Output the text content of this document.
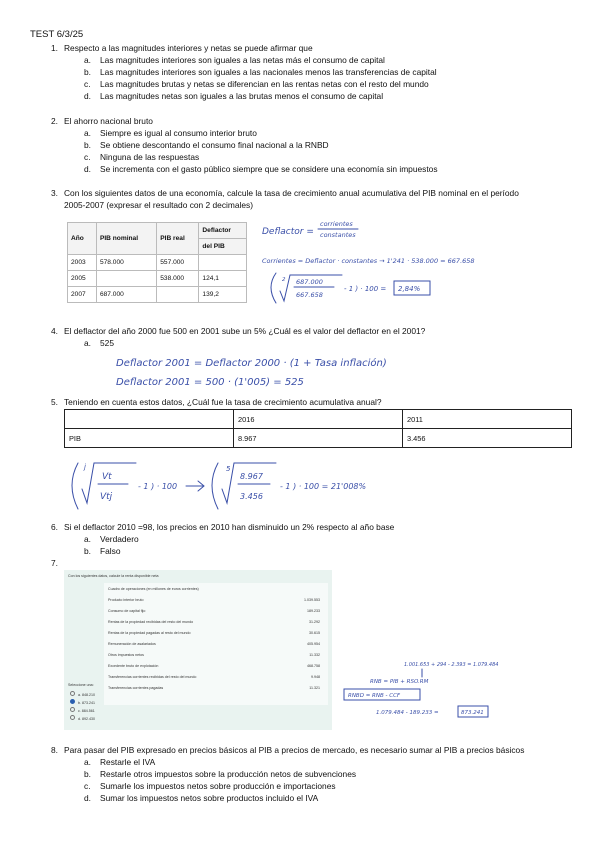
TEST 6/3/25
1. Respecto a las magnitudes interiores y netas se puede afirmar que
a. Las magnitudes interiores son iguales a las netas más el consumo de capital
b. Las magnitudes interiores son iguales a las nacionales menos las transferencias de capital
c. Las magnitudes brutas y netas se diferencian en las rentas netas con el resto del mundo
d. Las magnitudes netas son iguales a las brutas menos el consumo de capital
2. El ahorro nacional bruto
a. Siempre es igual al consumo interior bruto
b. Se obtiene descontando el consumo final nacional a la RNBD
c. Ninguna de las respuestas
d. Se incrementa con el gasto público siempre que se considere una economía sin impuestos
3. Con los siguientes datos de una economía, calcule la tasa de crecimiento anual acumulativa del PIB nominal en el período
2005-2007 (expresar el resultado con 2 decimales)
Año	PIB nominal	PIB real	Deflactor
			del PIB
2003	578.000	557.000	
2005		538.000	124,1
2007	687.000		139,2
Deflactor =
corrientes
constantes
Corrientes = Deflactor · constantes → 1'241 · 538.000 = 667.658
2 687.000
667.658
- 1 ) · 100 = 2,84%
4. El deflactor del año 2000 fue 500 en 2001 sube un 5% ¿Cuál es el valor del deflactor en el 2001?
a. 525
Deflactor 2001 = Deflactor 2000 · (1 + Tasa inflación)
Deflactor 2001 = 500 · (1'005) = 525
5. Teniendo en cuenta estos datos, ¿Cuál fue la tasa de crecimiento acumulativa anual?
	2016	2011
PIB	8.967	3.456
j
Vt
Vtj
- 1 ) · 100
5
8.967
3.456
- 1 ) · 100 = 21'008%
6. Si el deflactor 2010 =98, los precios en 2010 han disminuido un 2% respecto al año base
a. Verdadero
b. Falso
7.
Con los siguientes datos, calcule la renta disponible neta
Cuadro de operaciones (en millones de euros corrientes)
Producto interior bruto	1.039.553
Consumo de capital fijo	189.233
Rentas de la propiedad recibidas del resto del mundo	31.292
Rentas de la propiedad pagadas al resto del mundo	30.615
Remuneración de asalariados	405.954
Otros impuestos netos	11.332
Excedente bruto de explotación	468.758
Transferencias corrientes recibidas del resto del mundo	9.948
Transferencias corrientes pagadas	11.321
Seleccione una:
a. 848.210
b. 873.241
c. 884.561
d. 892.430
1.001.653 + 294 - 2.393 = 1.079.484
RNB = PIB + RSO.RM
RNBD = RNB - CCF
1.079.484 - 189.233 =	873.241
8. Para pasar del PIB expresado en precios básicos al PIB a precios de mercado, es necesario sumar al PIB a precios básicos
a. Restarle el IVA
b. Restarle otros impuestos sobre la producción netos de subvenciones
c. Sumarle los impuestos netos sobre producción e importaciones
d. Sumar los impuestos netos sobre productos incluido el IVA
